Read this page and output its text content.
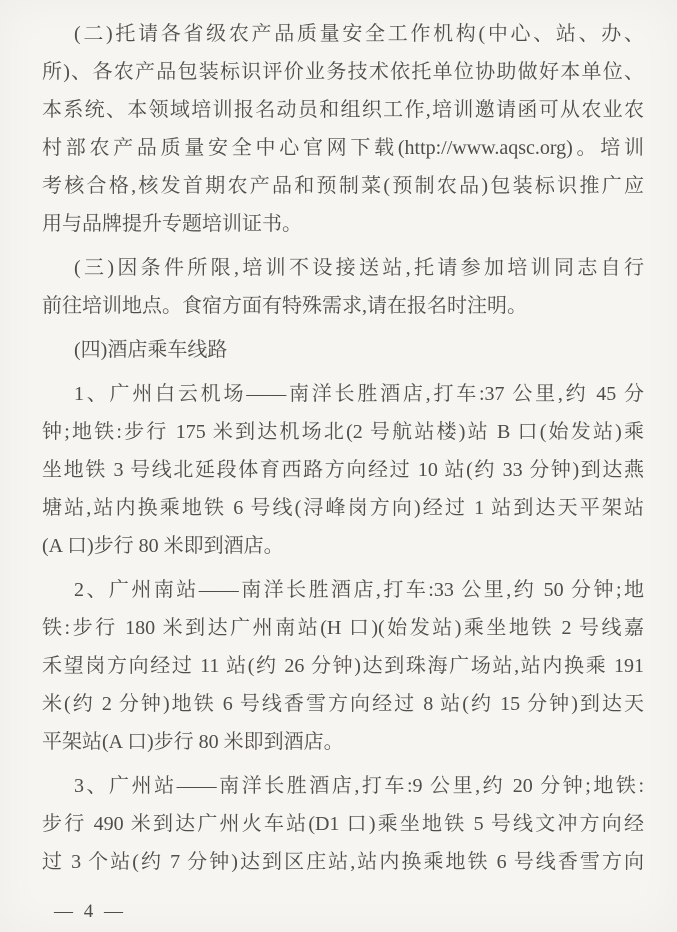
(二)托请各省级农产品质量安全工作机构(中心、站、办、
所)、各农产品包装标识评价业务技术依托单位协助做好本单位、
本系统、本领域培训报名动员和组织工作,培训邀请函可从农业农
村部农产品质量安全中心官网下载(http://www.aqsc.org)。培训
考核合格,核发首期农产品和预制菜(预制农品)包装标识推广应
用与品牌提升专题培训证书。
(三)因条件所限,培训不设接送站,托请参加培训同志自行
前往培训地点。食宿方面有特殊需求,请在报名时注明。
(四)酒店乘车线路
1、广州白云机场——南洋长胜酒店,打车:37 公里,约 45 分
钟;地铁:步行 175 米到达机场北(2 号航站楼)站 B 口(始发站)乘
坐地铁 3 号线北延段体育西路方向经过 10 站(约 33 分钟)到达燕
塘站,站内换乘地铁 6 号线(浔峰岗方向)经过 1 站到达天平架站
(A 口)步行 80 米即到酒店。
2、广州南站——南洋长胜酒店,打车:33 公里,约 50 分钟;地
铁:步行 180 米到达广州南站(H 口)(始发站)乘坐地铁 2 号线嘉
禾望岗方向经过 11 站(约 26 分钟)达到珠海广场站,站内换乘 191
米(约 2 分钟)地铁 6 号线香雪方向经过 8 站(约 15 分钟)到达天
平架站(A 口)步行 80 米即到酒店。
3、广州站——南洋长胜酒店,打车:9 公里,约 20 分钟;地铁:
步行 490 米到达广州火车站(D1 口)乘坐地铁 5 号线文冲方向经
过 3 个站(约 7 分钟)达到区庄站,站内换乘地铁 6 号线香雪方向
— 4 —
